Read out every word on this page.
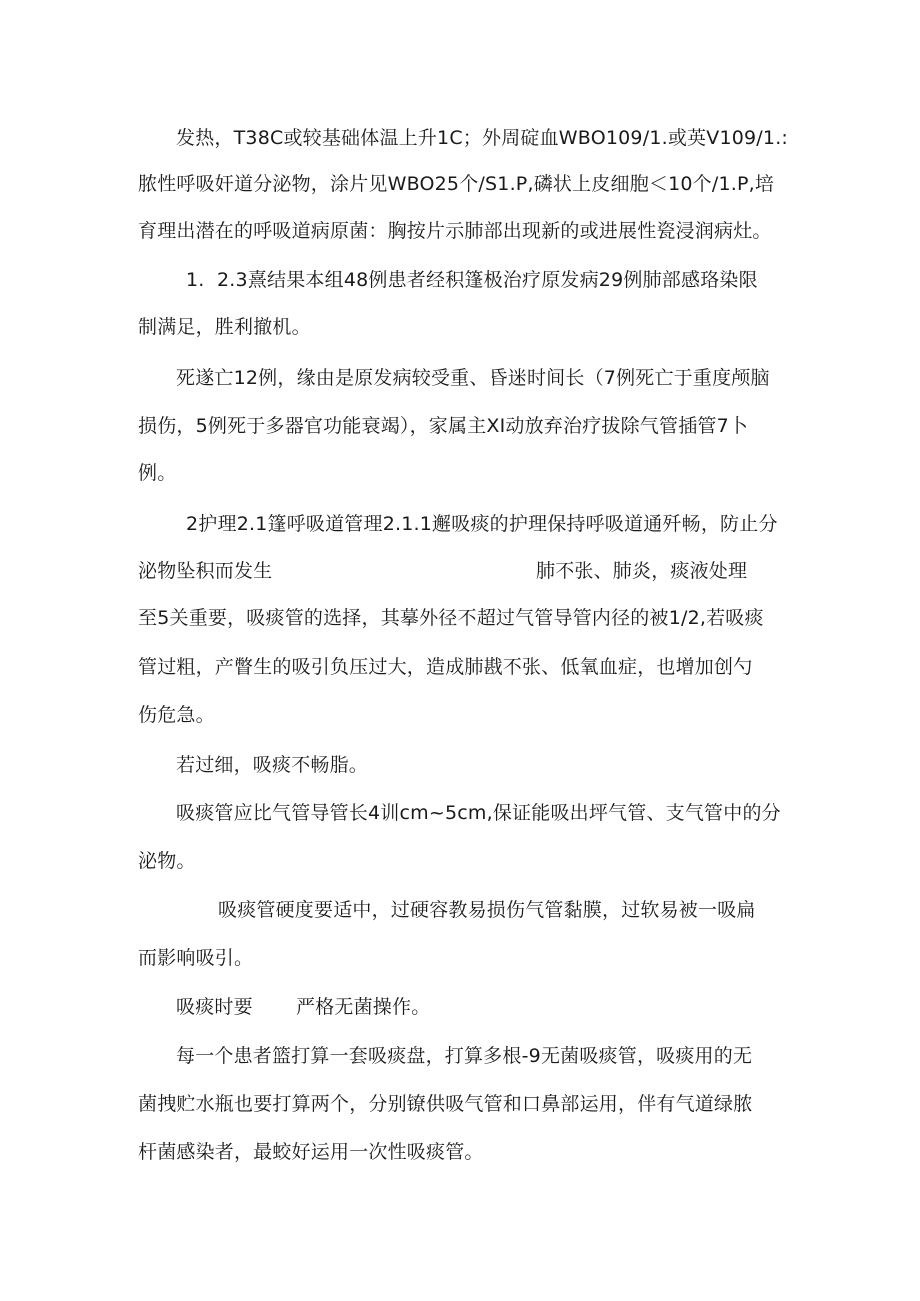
发热，T38C或较基础体温上升1C；外周碇血WBO109/1.或英V109/1.:
脓性呼吸奸道分泌物，涂片见WBO25个/S1.P,磷状上皮细胞＜10个/1.P,培
育理出潜在的呼吸道病原菌：胸按片示肺部出现新的或进展性瓷浸润病灶。
1.  2.3熹结果本组48例患者经积篷极治疗原发病29例肺部感珞染限
制满足，胜利撤机。
死遂亡12例，缘由是原发病较受重、昏迷时间长（7例死亡于重度颅脑
损伤，5例死于多器官功能衰竭），家属主XI动放弃治疗拔除气管插管7卜
例。
2护理2.1篷呼吸道管理2.1.1邂吸痰的护理保持呼吸道通歼畅，防止分
泌物坠积而发生	肺不张、肺炎，痰液处理
至5关重要，吸痰管的选择，其摹外径不超过气管导管内径的被1/2,若吸痰
管过粗，产瞥生的吸引负压过大，造成肺戡不张、低氧血症，也增加创勺
伤危急。
若过细，吸痰不畅脂。
吸痰管应比气管导管长4训cm~5cm,保证能吸出坪气管、支气管中的分
泌物。
吸痰管硬度要适中，过硬容教易损伤气管黏膜，过软易被一吸扁
而影响吸引。
吸痰时要 严格无菌操作。
每一个患者篮打算一套吸痰盘，打算多根-9无菌吸痰管，吸痰用的无
菌拽贮水瓶也要打算两个，分别镣供吸气管和口鼻部运用，伴有气道绿脓
杆菌感染者，最蛟好运用一次性吸痰管。
